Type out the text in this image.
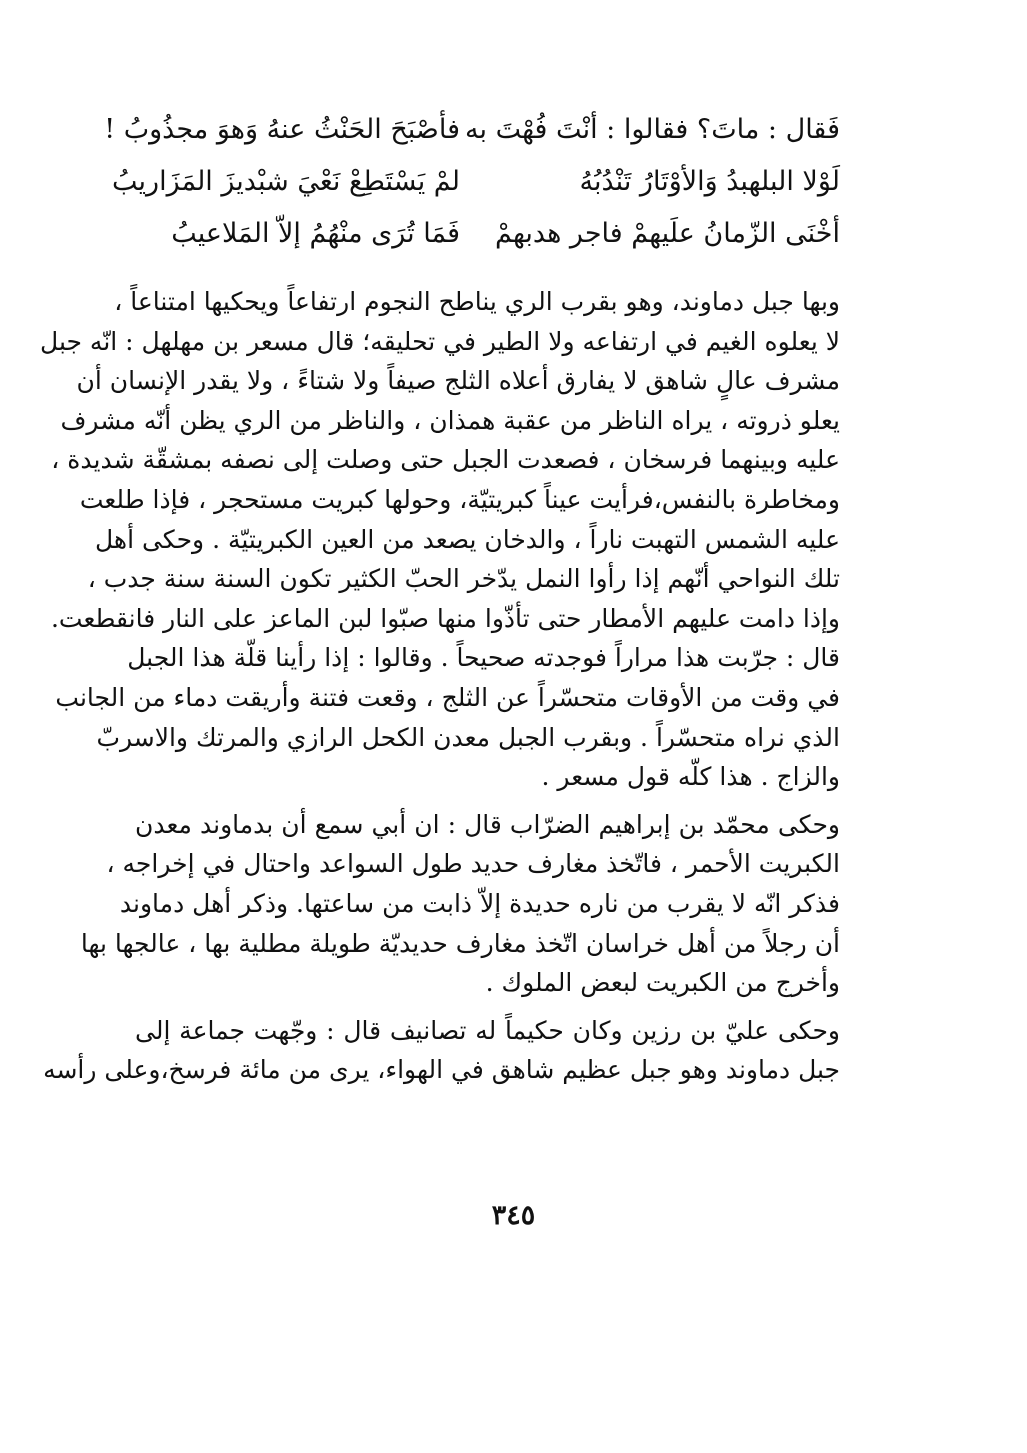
فَقال : ماتَ؟ فقالوا : أنْتَ فُهْتَ به
فأصْبَحَ الحَنْثُ عنهُ وَهوَ مجذُوبُ !
لَوْلا البلهبدُ وَالأوْتَارُ تَنْدُبُهُ
لمْ يَسْتَطِعْ نَعْيَ شبْديزَ المَزَاريبُ
أخْنَى الزّمانُ علَيهمْ فاجر هدبهمْ
فَمَا تُرَى منْهُمُ إلاّ المَلاعيبُ

وبها جبل دماوند، وهو بقرب الري يناطح النجوم ارتفاعاً ويحكيها امتناعاً ،
لا يعلوه الغيم في ارتفاعه ولا الطير في تحليقه؛ قال مسعر بن مهلهل : انّه جبل
مشرف عالٍ شاهق لا يفارق أعلاه الثلج صيفاً ولا شتاءً ، ولا يقدر الإنسان أن
يعلو ذروته ، يراه الناظر من عقبة همذان ، والناظر من الري يظن أنّه مشرف
عليه وبينهما فرسخان ، فصعدت الجبل حتى وصلت إلى نصفه بمشقّة شديدة ،
ومخاطرة بالنفس،فرأيت عيناً كبريتيّة، وحولها كبريت مستحجر ، فإذا طلعت
عليه الشمس التهبت ناراً ، والدخان يصعد من العين الكبريتيّة . وحكى أهل
تلك النواحي أنّهم إذا رأوا النمل يدّخر الحبّ الكثير تكون السنة سنة جدب ،
وإذا دامت عليهم الأمطار حتى تأذّوا منها صبّوا لبن الماعز على النار فانقطعت.
قال : جرّبت هذا مراراً فوجدته صحيحاً . وقالوا : إذا رأينا قلّة هذا الجبل
في وقت من الأوقات متحسّراً عن الثلج ، وقعت فتنة وأريقت دماء من الجانب
الذي نراه متحسّراً . وبقرب الجبل معدن الكحل الرازي والمرتك والاسربّ
والزاج . هذا كلّه قول مسعر .

وحكى محمّد بن إبراهيم الضرّاب قال : ان أبي سمع أن بدماوند معدن
الكبريت الأحمر ، فاتّخذ مغارف حديد طول السواعد واحتال في إخراجه ،
فذكر انّه لا يقرب من ناره حديدة إلاّ ذابت من ساعتها. وذكر أهل دماوند
أن رجلاً من أهل خراسان اتّخذ مغارف حديديّة طويلة مطلية بها ، عالجها بها
وأخرج من الكبريت لبعض الملوك .

وحكى عليّ بن رزين وكان حكيماً له تصانيف قال : وجّهت جماعة إلى
جبل دماوند وهو جبل عظيم شاهق في الهواء، يرى من مائة فرسخ،وعلى رأسه

٣٤٥
